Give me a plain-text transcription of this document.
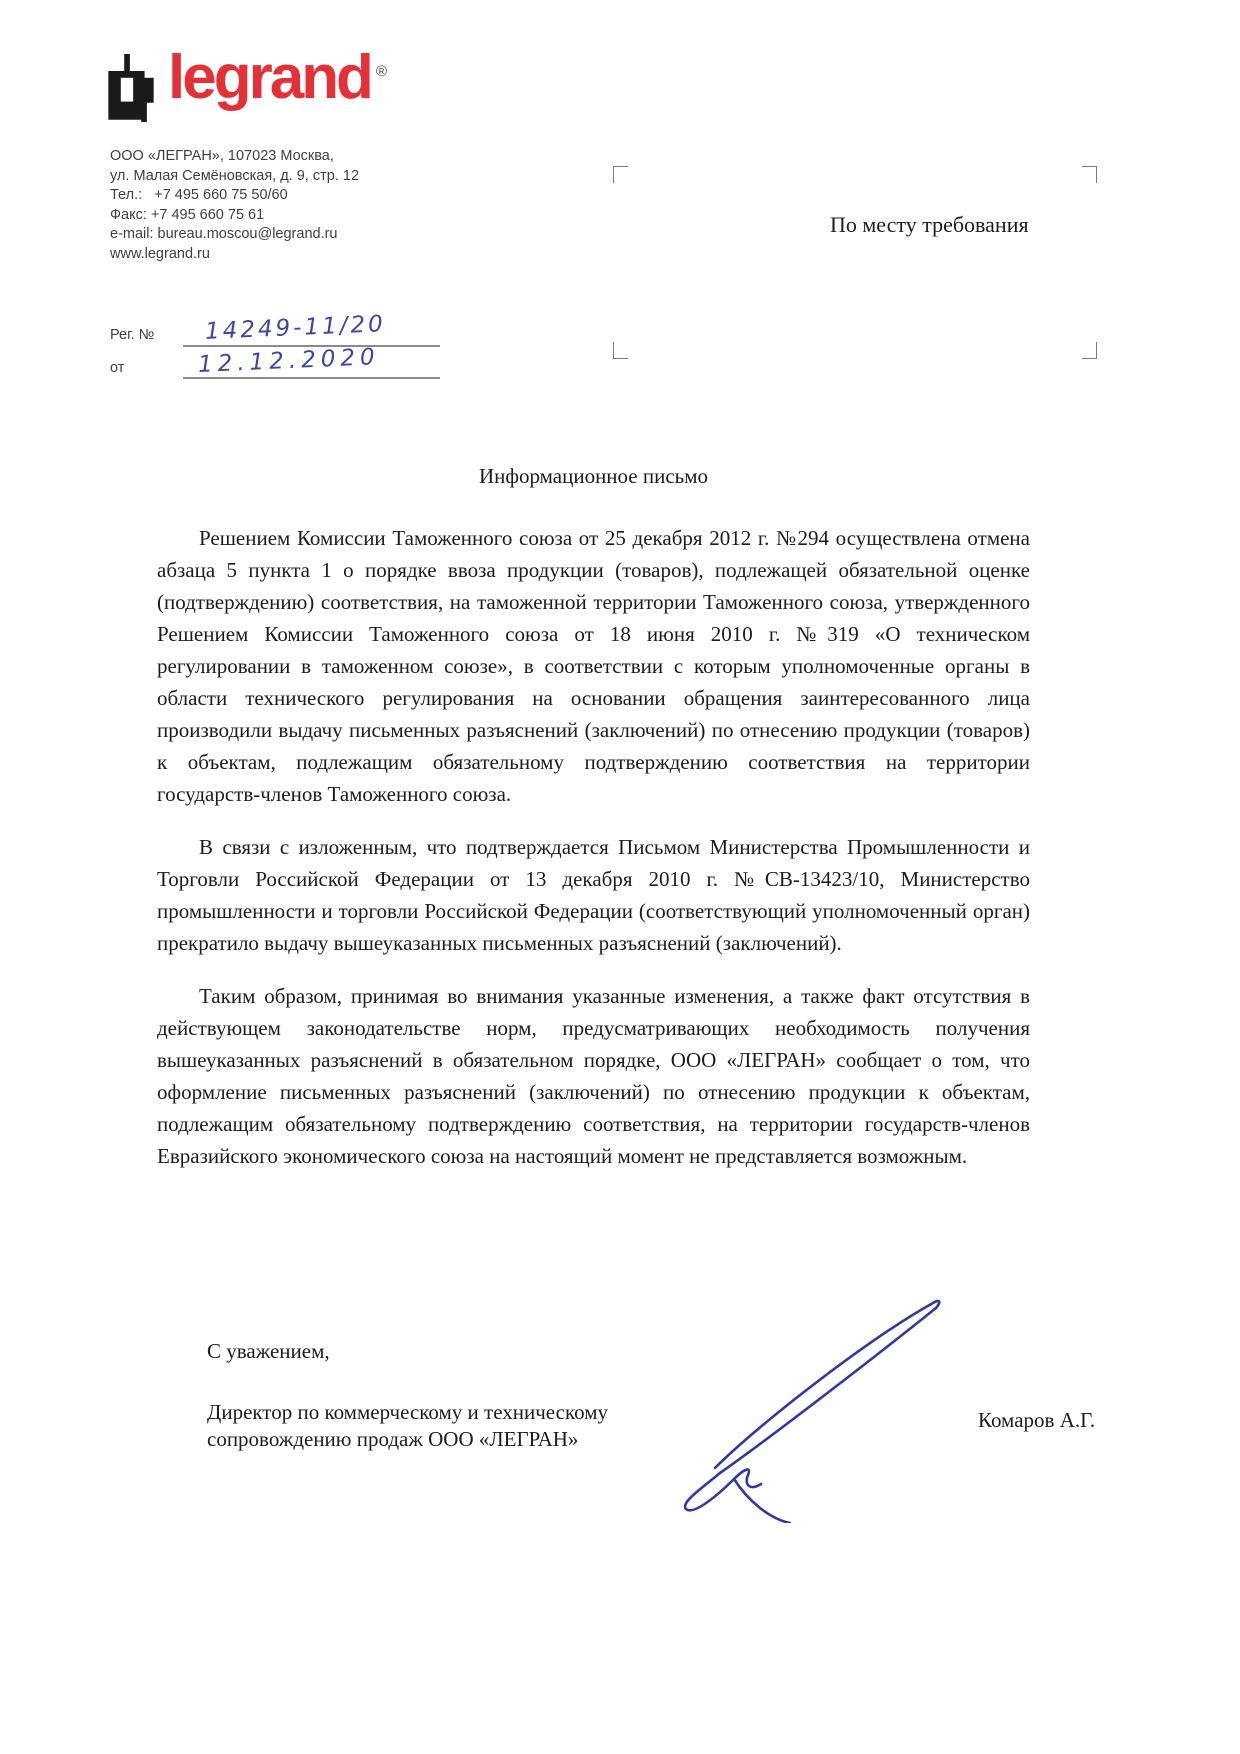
legrand ®
ООО «ЛЕГРАН», 107023 Москва,
ул. Малая Семёновская, д. 9, стр. 12
Тел.:   +7 495 660 75 50/60
Факс: +7 495 660 75 61
e-mail: bureau.moscou@legrand.ru
www.legrand.ru
По месту требования
Рег. №
от
14249-11/20
12.12.2020
Информационное письмо

Решением Комиссии Таможенного союза от 25 декабря 2012 г. №294 осуществлена отмена абзаца 5 пункта 1 о порядке ввоза продукции (товаров), подлежащей обязательной оценке (подтверждению) соответствия, на таможенной территории Таможенного союза, утвержденного Решением Комиссии Таможенного союза от 18 июня 2010 г. №319 «О техническом регулировании в таможенном союзе», в соответствии с которым уполномоченные органы в области технического регулирования на основании обращения заинтересованного лица производили выдачу письменных разъяснений (заключений) по отнесению продукции (товаров) к объектам, подлежащим обязательному подтверждению соответствия на территории государств-членов Таможенного союза.

В связи с изложенным, что подтверждается Письмом Министерства Промышленности и Торговли Российской Федерации от 13 декабря 2010 г. №СВ-13423/10, Министерство промышленности и торговли Российской Федерации (соответствующий уполномоченный орган) прекратило выдачу вышеуказанных письменных разъяснений (заключений).

Таким образом, принимая во внимания указанные изменения, а также факт отсутствия в действующем законодательстве норм, предусматривающих необходимость получения вышеуказанных разъяснений в обязательном порядке, ООО «ЛЕГРАН» сообщает о том, что оформление письменных разъяснений (заключений) по отнесению продукции к объектам, подлежащим обязательному подтверждению соответствия, на территории государств-членов Евразийского экономического союза на настоящий момент не представляется возможным.

С уважением,
Директор по коммерческому и техническому
сопровождению продаж ООО «ЛЕГРАН»
Комаров А.Г.
